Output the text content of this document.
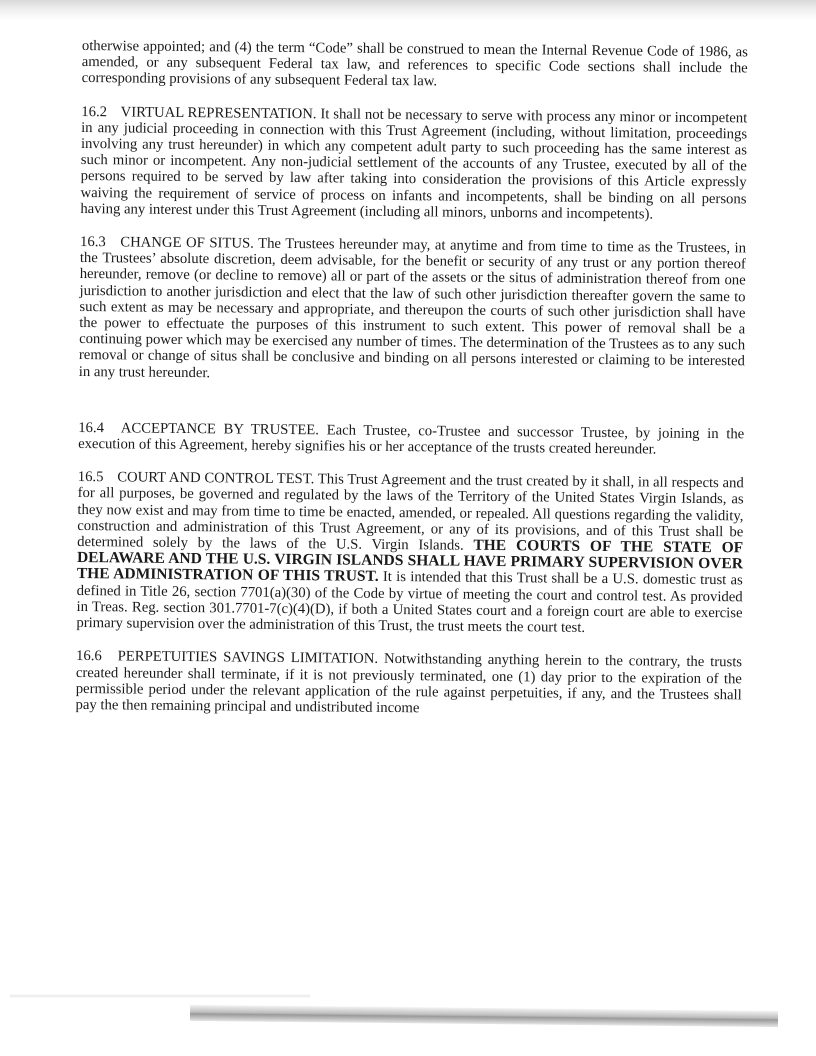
otherwise appointed; and (4) the term “Code” shall be construed to mean the Internal Revenue Code of 1986, as amended, or any subsequent Federal tax law, and references to specific Code sections shall include the corresponding provisions of any subsequent Federal tax law.

16.2 VIRTUAL REPRESENTATION. It shall not be necessary to serve with process any minor or incompetent in any judicial proceeding in connection with this Trust Agreement (including, without limitation, proceedings involving any trust hereunder) in which any competent adult party to such proceeding has the same interest as such minor or incompetent. Any non-judicial settlement of the accounts of any Trustee, executed by all of the persons required to be served by law after taking into consideration the provisions of this Article expressly waiving the requirement of service of process on infants and incompetents, shall be binding on all persons having any interest under this Trust Agreement (including all minors, unborns and incompetents).

16.3 CHANGE OF SITUS. The Trustees hereunder may, at anytime and from time to time as the Trustees, in the Trustees’ absolute discretion, deem advisable, for the benefit or security of any trust or any portion thereof hereunder, remove (or decline to remove) all or part of the assets or the situs of administration thereof from one jurisdiction to another jurisdiction and elect that the law of such other jurisdiction thereafter govern the same to such extent as may be necessary and appropriate, and thereupon the courts of such other jurisdiction shall have the power to effectuate the purposes of this instrument to such extent. This power of removal shall be a continuing power which may be exercised any number of times. The determination of the Trustees as to any such removal or change of situs shall be conclusive and binding on all persons interested or claiming to be interested in any trust hereunder.

16.4 ACCEPTANCE BY TRUSTEE. Each Trustee, co-Trustee and successor Trustee, by joining in the execution of this Agreement, hereby signifies his or her acceptance of the trusts created hereunder.

16.5 COURT AND CONTROL TEST. This Trust Agreement and the trust created by it shall, in all respects and for all purposes, be governed and regulated by the laws of the Territory of the United States Virgin Islands, as they now exist and may from time to time be enacted, amended, or repealed. All questions regarding the validity, construction and administration of this Trust Agreement, or any of its provisions, and of this Trust shall be determined solely by the laws of the U.S. Virgin Islands. THE COURTS OF THE STATE OF DELAWARE AND THE U.S. VIRGIN ISLANDS SHALL HAVE PRIMARY SUPERVISION OVER THE ADMINISTRATION OF THIS TRUST. It is intended that this Trust shall be a U.S. domestic trust as defined in Title 26, section 7701(a)(30) of the Code by virtue of meeting the court and control test. As provided in Treas. Reg. section 301.7701-7(c)(4)(D), if both a United States court and a foreign court are able to exercise primary supervision over the administration of this Trust, the trust meets the court test.

16.6 PERPETUITIES SAVINGS LIMITATION. Notwithstanding anything herein to the contrary, the trusts created hereunder shall terminate, if it is not previously terminated, one (1) day prior to the expiration of the permissible period under the relevant application of the rule against perpetuities, if any, and the Trustees shall pay the then remaining principal and undistributed income
